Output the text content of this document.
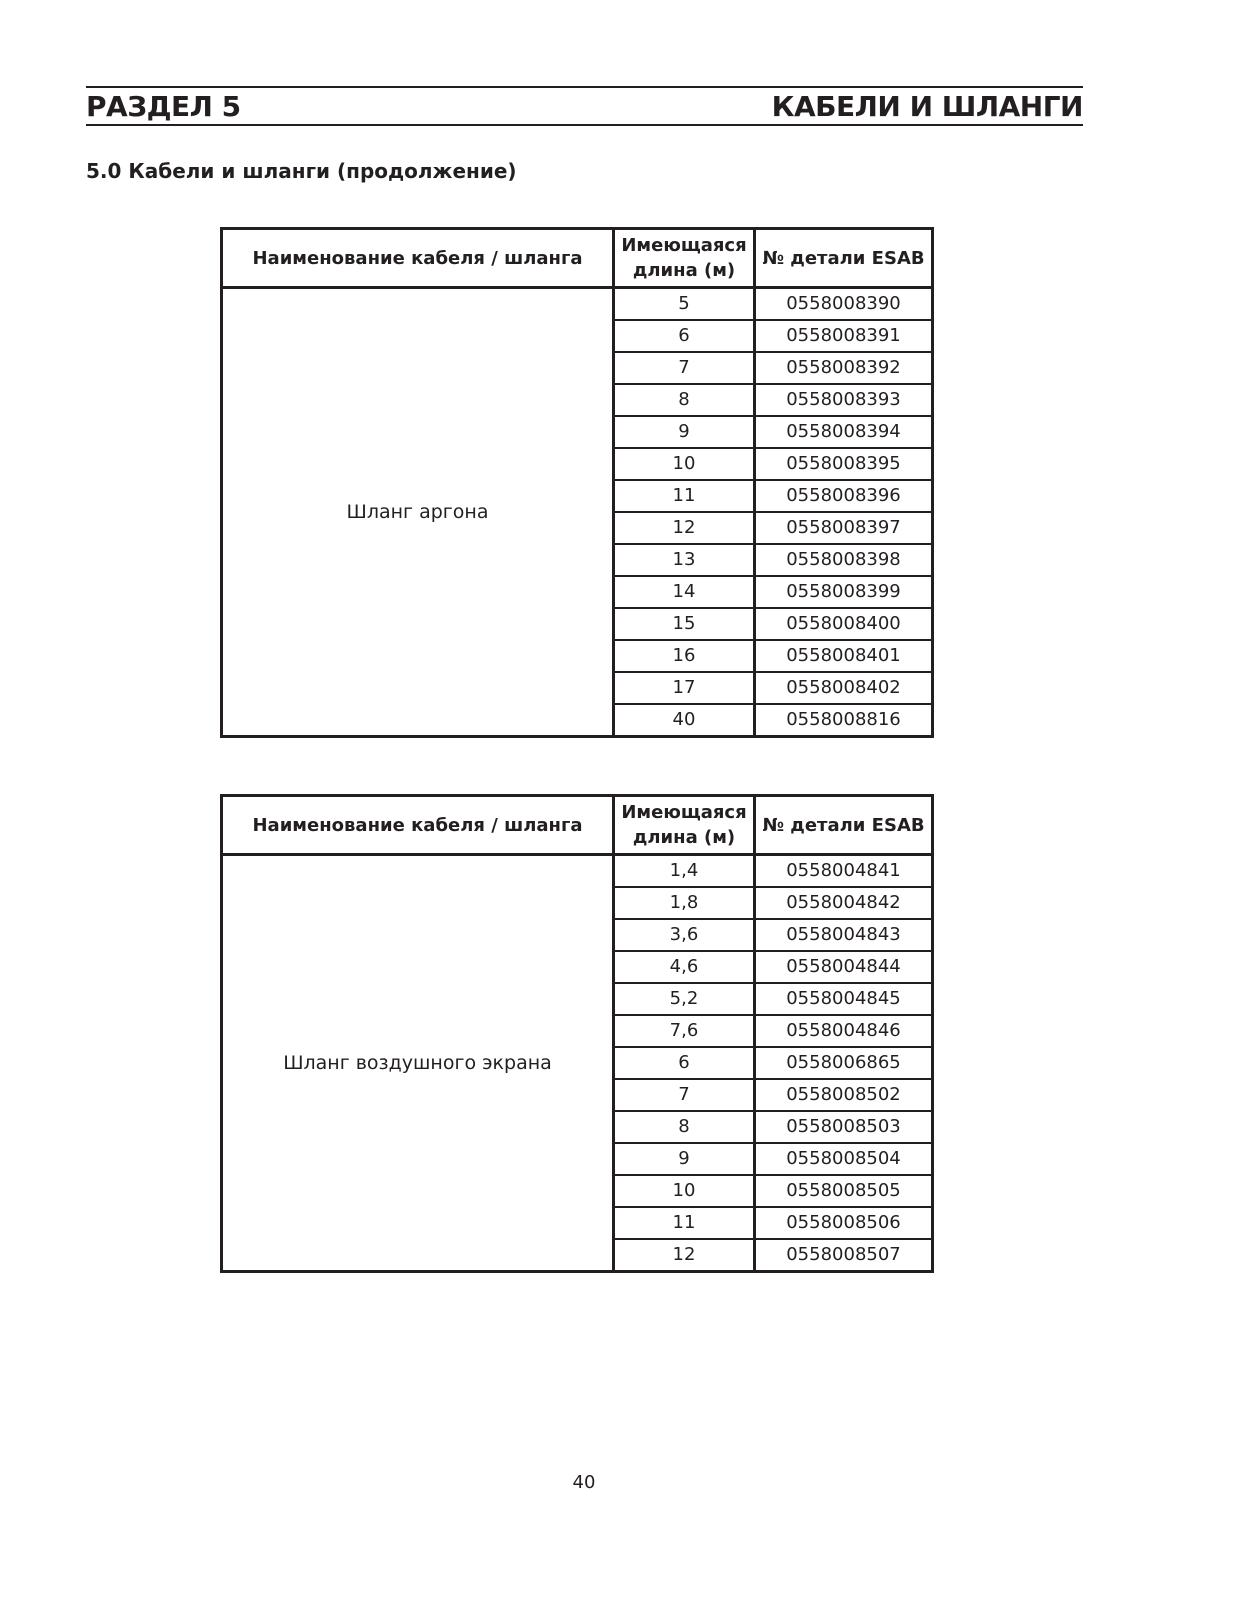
РАЗДЕЛ 5	КАБЕЛИ И ШЛАНГИ
5.0 Кабели и шланги (продолжение)
Наименование кабеля / шланга	Имеющаяся длина (м)	№ детали ESAB
Шланг аргона	5	0558008390
	6	0558008391
	7	0558008392
	8	0558008393
	9	0558008394
	10	0558008395
	11	0558008396
	12	0558008397
	13	0558008398
	14	0558008399
	15	0558008400
	16	0558008401
	17	0558008402
	40	0558008816
Наименование кабеля / шланга	Имеющаяся длина (м)	№ детали ESAB
Шланг воздушного экрана	1,4	0558004841
	1,8	0558004842
	3,6	0558004843
	4,6	0558004844
	5,2	0558004845
	7,6	0558004846
	6	0558006865
	7	0558008502
	8	0558008503
	9	0558008504
	10	0558008505
	11	0558008506
	12	0558008507
40
